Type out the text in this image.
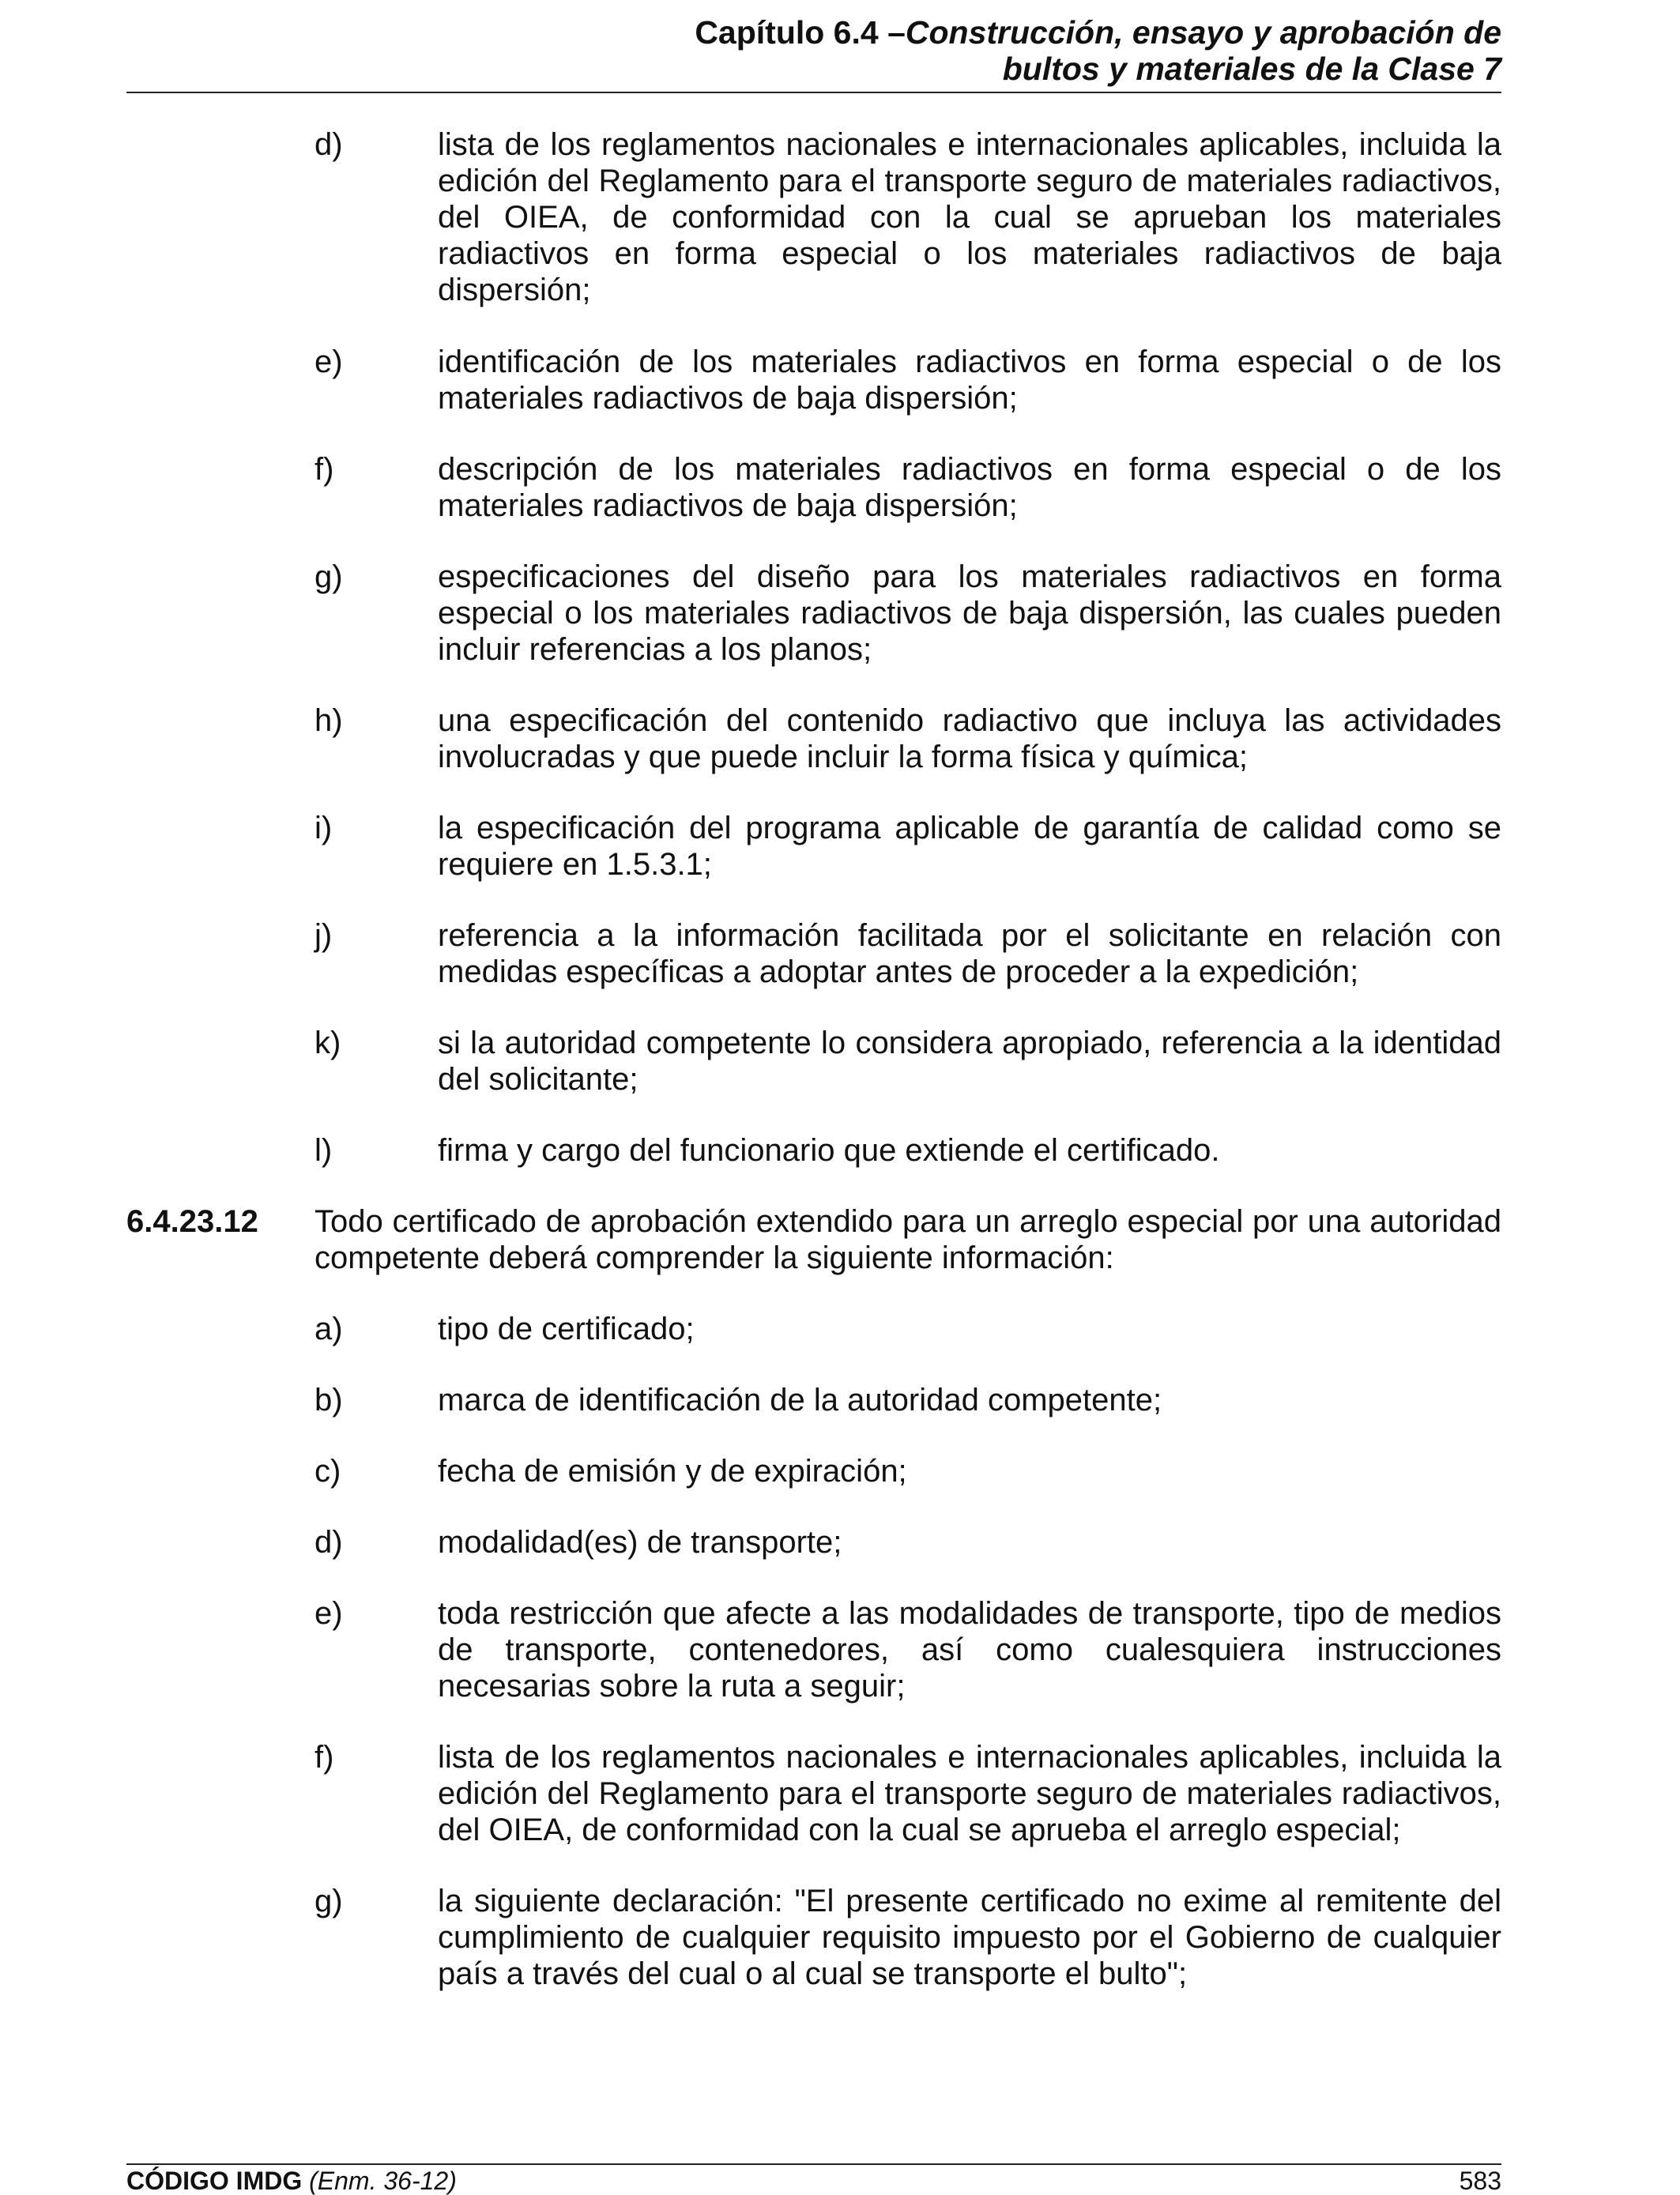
Capítulo 6.4 –Construcción, ensayo y aprobación de
bultos y materiales de la Clase 7
d)	lista de los reglamentos nacionales e internacionales aplicables, incluida la edición del Reglamento para el transporte seguro de materiales radiactivos, del OIEA, de conformidad con la cual se aprueban los materiales radiactivos en forma especial o los materiales radiactivos de baja dispersión;
e)	identificación de los materiales radiactivos en forma especial o de los materiales radiactivos de baja dispersión;
f)	descripción de los materiales radiactivos en forma especial o de los materiales radiactivos de baja dispersión;
g)	especificaciones del diseño para los materiales radiactivos en forma especial o los materiales radiactivos de baja dispersión, las cuales pueden incluir referencias a los planos;
h)	una especificación del contenido radiactivo que incluya las actividades involucradas y que puede incluir la forma física y química;
i)	la especificación del programa aplicable de garantía de calidad como se requiere en 1.5.3.1;
j)	referencia a la información facilitada por el solicitante en relación con medidas específicas a adoptar antes de proceder a la expedición;
k)	si la autoridad competente lo considera apropiado, referencia a la identidad del solicitante;
l)	firma y cargo del funcionario que extiende el certificado.
6.4.23.12 Todo certificado de aprobación extendido para un arreglo especial por una autoridad competente deberá comprender la siguiente información:
a)	tipo de certificado;
b)	marca de identificación de la autoridad competente;
c)	fecha de emisión y de expiración;
d)	modalidad(es) de transporte;
e)	toda restricción que afecte a las modalidades de transporte, tipo de medios de transporte, contenedores, así como cualesquiera instrucciones necesarias sobre la ruta a seguir;
f)	lista de los reglamentos nacionales e internacionales aplicables, incluida la edición del Reglamento para el transporte seguro de materiales radiactivos, del OIEA, de conformidad con la cual se aprueba el arreglo especial;
g)	la siguiente declaración: "El presente certificado no exime al remitente del cumplimiento de cualquier requisito impuesto por el Gobierno de cualquier país a través del cual o al cual se transporte el bulto";
CÓDIGO IMDG (Enm. 36-12)	583
